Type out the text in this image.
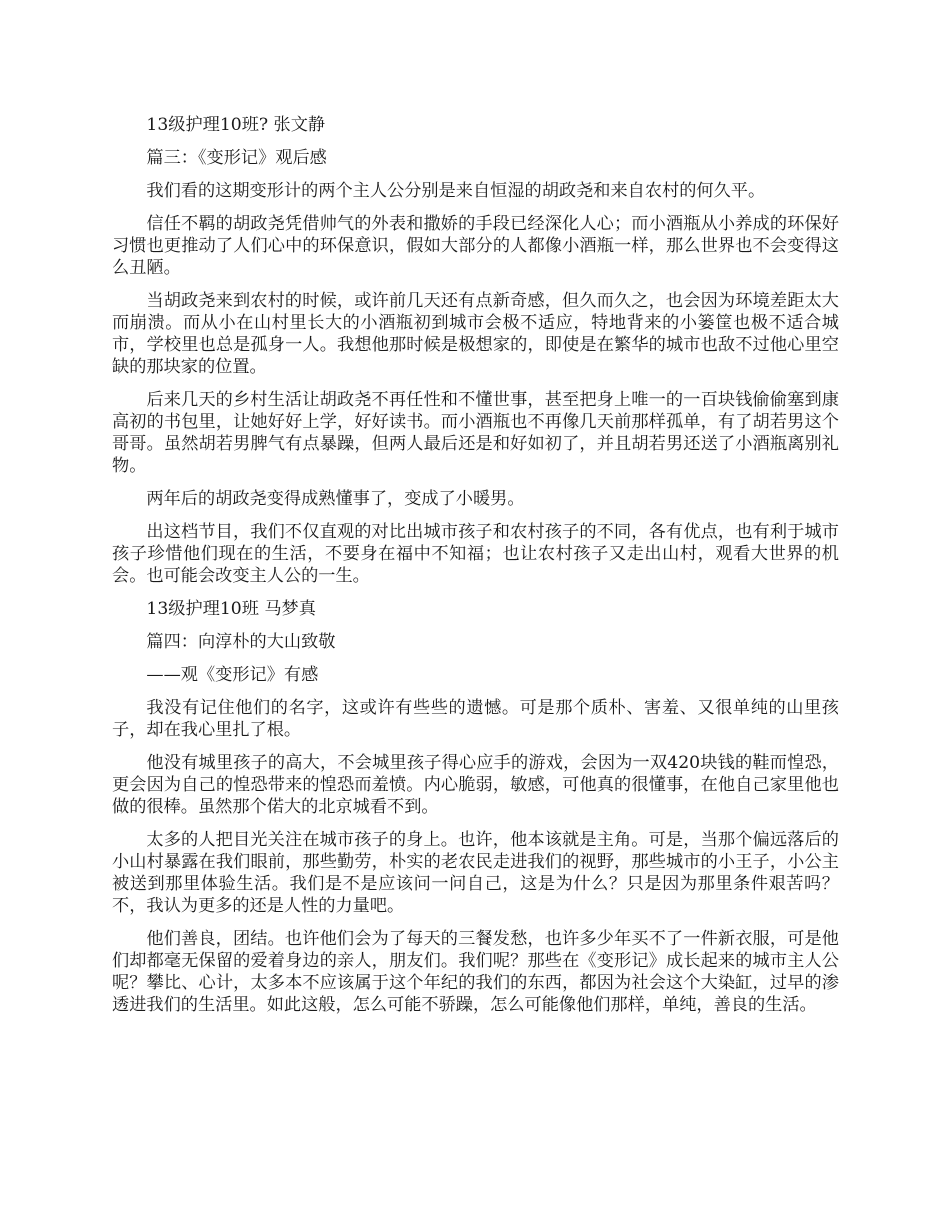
13级护理10班? 张文静

篇三：《变形记》观后感

我们看的这期变形计的两个主人公分别是来自恒湿的胡政尧和来自农村的何久平。

信任不羁的胡政尧凭借帅气的外表和撒娇的手段已经深化人心；而小酒瓶从小养成的环保好习惯也更推动了人们心中的环保意识，假如大部分的人都像小酒瓶一样，那么世界也不会变得这么丑陋。

当胡政尧来到农村的时候，或许前几天还有点新奇感，但久而久之，也会因为环境差距太大而崩溃。而从小在山村里长大的小酒瓶初到城市会极不适应，特地背来的小篓筐也极不适合城市，学校里也总是孤身一人。我想他那时候是极想家的，即使是在繁华的城市也敌不过他心里空缺的那块家的位置。

后来几天的乡村生活让胡政尧不再任性和不懂世事，甚至把身上唯一的一百块钱偷偷塞到康高初的书包里，让她好好上学，好好读书。而小酒瓶也不再像几天前那样孤单，有了胡若男这个哥哥。虽然胡若男脾气有点暴躁，但两人最后还是和好如初了，并且胡若男还送了小酒瓶离别礼物。

两年后的胡政尧变得成熟懂事了，变成了小暖男。

出这档节目，我们不仅直观的对比出城市孩子和农村孩子的不同，各有优点，也有利于城市孩子珍惜他们现在的生活，不要身在福中不知福；也让农村孩子又走出山村，观看大世界的机会。也可能会改变主人公的一生。

13级护理10班 马梦真

篇四：向淳朴的大山致敬

——观《变形记》有感

我没有记住他们的名字，这或许有些些的遗憾。可是那个质朴、害羞、又很单纯的山里孩子，却在我心里扎了根。

他没有城里孩子的高大，不会城里孩子得心应手的游戏，会因为一双420块钱的鞋而惶恐，更会因为自己的惶恐带来的惶恐而羞愤。内心脆弱，敏感，可他真的很懂事，在他自己家里他也做的很棒。虽然那个偌大的北京城看不到。

太多的人把目光关注在城市孩子的身上。也许，他本该就是主角。可是，当那个偏远落后的小山村暴露在我们眼前，那些勤劳，朴实的老农民走进我们的视野，那些城市的小王子，小公主被送到那里体验生活。我们是不是应该问一问自己，这是为什么？只是因为那里条件艰苦吗？不，我认为更多的还是人性的力量吧。

他们善良，团结。也许他们会为了每天的三餐发愁，也许多少年买不了一件新衣服，可是他们却都毫无保留的爱着身边的亲人，朋友们。我们呢？那些在《变形记》成长起来的城市主人公呢？攀比、心计，太多本不应该属于这个年纪的我们的东西，都因为社会这个大染缸，过早的渗透进我们的生活里。如此这般，怎么可能不骄躁，怎么可能像他们那样，单纯，善良的生活。
